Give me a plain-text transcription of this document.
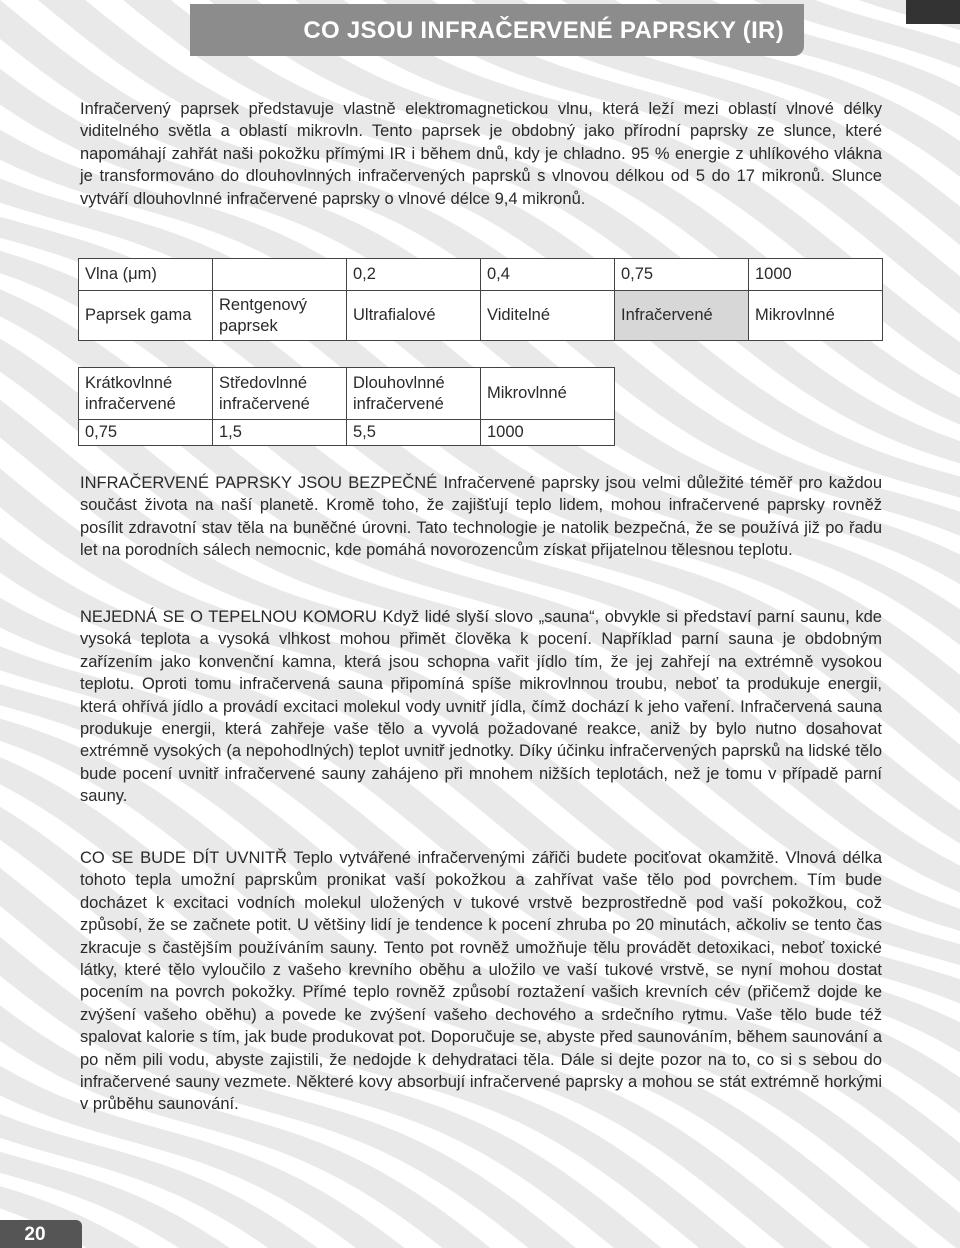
CO JSOU INFRAČERVENÉ PAPRSKY (IR)

Infračervený paprsek představuje vlastně elektromagnetickou vlnu, která leží mezi oblastí vlnové délky viditelného světla a oblastí mikrovln. Tento paprsek je obdobný jako přírodní paprsky ze slunce, které napomáhají zahřát naši pokožku přímými IR i během dnů, kdy je chladno. 95 % energie z uhlíkového vlákna je transformováno do dlouhovlnných infračervených paprsků s vlnovou délkou od 5 do 17 mikronů. Slunce vytváří dlouhovlnné infračervené paprsky o vlnové délce 9,4 mikronů.

Vlna (μm)		0,2	0,4	0,75	1000
Paprsek gama	Rentgenový paprsek	Ultrafialové	Viditelné	Infračervené	Mikrovlnné
Krátkovlnné infračervené	Středovlnné infračervené	Dlouhovlnné infračervené	Mikrovlnné
0,75	1,5	5,5	1000

INFRAČERVENÉ PAPRSKY JSOU BEZPEČNÉ Infračervené paprsky jsou velmi důležité téměř pro každou součást života na naší planetě. Kromě toho, že zajišťují teplo lidem, mohou infračervené paprsky rovněž posílit zdravotní stav těla na buněčné úrovni. Tato technologie je natolik bezpečná, že se používá již po řadu let na porodních sálech nemocnic, kde pomáhá novorozencům získat přijatelnou tělesnou teplotu.

NEJEDNÁ SE O TEPELNOU KOMORU Když lidé slyší slovo „sauna“, obvykle si představí parní saunu, kde vysoká teplota a vysoká vlhkost mohou přimět člověka k pocení. Například parní sauna je obdobným zařízením jako konvenční kamna, která jsou schopna vařit jídlo tím, že jej zahřejí na extrémně vysokou teplotu. Oproti tomu infračervená sauna připomíná spíše mikrovlnnou troubu, neboť ta produkuje energii, která ohřívá jídlo a provádí excitaci molekul vody uvnitř jídla, čímž dochází k jeho vaření. Infračervená sauna produkuje energii, která zahřeje vaše tělo a vyvolá požadované reakce, aniž by bylo nutno dosahovat extrémně vysokých (a nepohodlných) teplot uvnitř jednotky. Díky účinku infračervených paprsků na lidské tělo bude pocení uvnitř infračervené sauny zahájeno při mnohem nižších teplotách, než je tomu v případě parní sauny.

CO SE BUDE DÍT UVNITŘ Teplo vytvářené infračervenými zářiči budete pociťovat okamžitě. Vlnová délka tohoto tepla umožní paprskům pronikat vaší pokožkou a zahřívat vaše tělo pod povrchem. Tím bude docházet k excitaci vodních molekul uložených v tukové vrstvě bezprostředně pod vaší pokožkou, což způsobí, že se začnete potit. U většiny lidí je tendence k pocení zhruba po 20 minutách, ačkoliv se tento čas zkracuje s častějším používáním sauny. Tento pot rovněž umožňuje tělu provádět detoxikaci, neboť toxické látky, které tělo vyloučilo z vašeho krevního oběhu a uložilo ve vaší tukové vrstvě, se nyní mohou dostat pocením na povrch pokožky. Přímé teplo rovněž způsobí roztažení vašich krevních cév (přičemž dojde ke zvýšení vašeho oběhu) a povede ke zvýšení vašeho dechového a srdečního rytmu. Vaše tělo bude též spalovat kalorie s tím, jak bude produkovat pot. Doporučuje se, abyste před saunováním, během saunování a po něm pili vodu, abyste zajistili, že nedojde k dehydrataci těla. Dále si dejte pozor na to, co si s sebou do infračervené sauny vezmete. Některé kovy absorbují infračervené paprsky a mohou se stát extrémně horkými v průběhu saunování.

20
